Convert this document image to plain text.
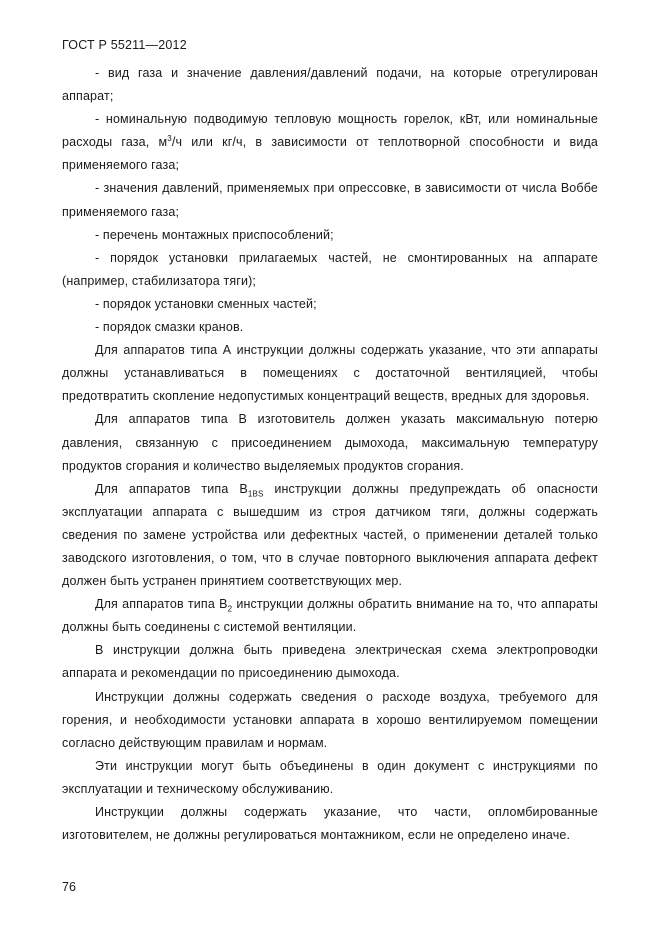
ГОСТ Р 55211—2012

- вид газа и значение давления/давлений подачи, на которые отрегулирован аппарат;

- номинальную подводимую тепловую мощность горелок, кВт, или номинальные расходы газа, $м^3/ч$ или кг/ч, в зависимости от теплотворной способности и вида применяемого газа;

- значения давлений, применяемых при опрессовке, в зависимости от числа Воббе применяемого газа;

- перечень монтажных приспособлений;

- порядок установки прилагаемых частей, не смонтированных на аппарате (например, стабилизатора тяги);

- порядок установки сменных частей;

- порядок смазки кранов.

Для аппаратов типа А инструкции должны содержать указание, что эти аппараты должны устанавливаться в помещениях с достаточной вентиляцией, чтобы предотвратить скопление недопустимых концентраций веществ, вредных для здоровья.

Для аппаратов типа В изготовитель должен указать максимальную потерю давления, связанную с присоединением дымохода, максимальную температуру продуктов сгорания и количество выделяемых продуктов сгорания.

Для аппаратов типа $В_{1BS}$ инструкции должны предупреждать об опасности эксплуатации аппарата с вышедшим из строя датчиком тяги, должны содержать сведения по замене устройства или дефектных частей, о применении деталей только заводского изготовления, о том, что в случае повторного выключения аппарата дефект должен быть устранен принятием соответствующих мер.

Для аппаратов типа $В_2$ инструкции должны обратить внимание на то, что аппараты должны быть соединены с системой вентиляции.

В инструкции должна быть приведена электрическая схема электропроводки аппарата и рекомендации по присоединению дымохода.

Инструкции должны содержать сведения о расходе воздуха, требуемого для горения, и необходимости установки аппарата в хорошо вентилируемом помещении согласно действующим правилам и нормам.

Эти инструкции могут быть объединены в один документ с инструкциями по эксплуатации и техническому обслуживанию.

Инструкции должны содержать указание, что части, опломбированные изготовителем, не должны регулироваться монтажником, если не определено иначе.

76
